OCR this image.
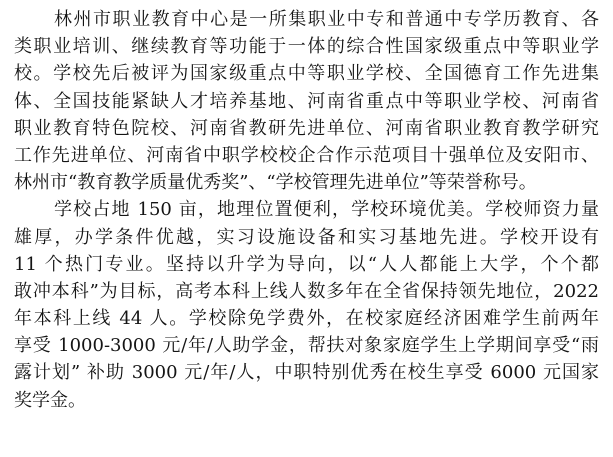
林州市职业教育中心是一所集职业中专和普通中专学历教育、各
类职业培训、继续教育等功能于一体的综合性国家级重点中等职业学
校。学校先后被评为国家级重点中等职业学校、全国德育工作先进集
体、全国技能紧缺人才培养基地、河南省重点中等职业学校、河南省
职业教育特色院校、河南省教研先进单位、河南省职业教育教学研究
工作先进单位、河南省中职学校校企合作示范项目十强单位及安阳市、
林州市“教育教学质量优秀奖”、“学校管理先进单位”等荣誉称号。
学校占地 150 亩，地理位置便利，学校环境优美。学校师资力量
雄厚，办学条件优越，实习设施设备和实习基地先进。学校开设有
11 个热门专业。坚持以升学为导向，以“人人都能上大学，个个都
敢冲本科”为目标，高考本科上线人数多年在全省保持领先地位，2022
年本科上线 44 人。学校除免学费外，在校家庭经济困难学生前两年
享受 1000-3000 元/年/人助学金，帮扶对象家庭学生上学期间享受“雨
露计划” 补助 3000 元/年/人，中职特别优秀在校生享受 6000 元国家
奖学金。
